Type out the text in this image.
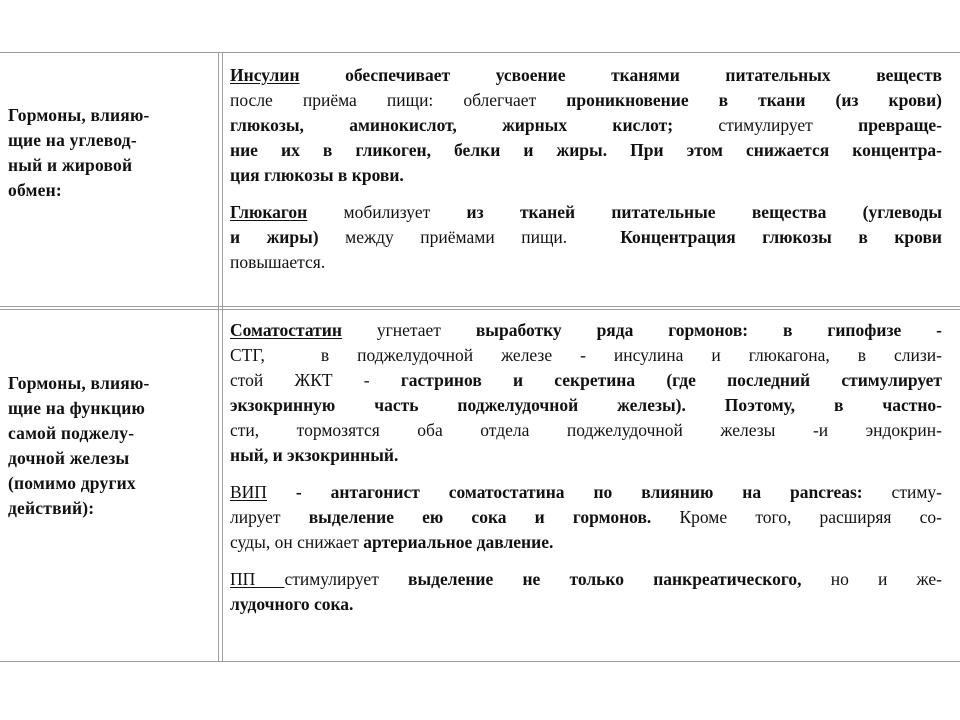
Гормоны, влияю-
щие на углевод-
ный и жировой
обмен:
Инсулин обеспечивает усвоение тканями питательных веществ
после приёма пищи: облегчает проникновение в ткани (из крови)
глюкозы, аминокислот, жирных кислот; стимулирует превраще-
ние их в гликоген, белки и жиры. При этом снижается концентра-
ция глюкозы в крови.
Глюкагон мобилизует из тканей питательные вещества (углеводы
и жиры) между приёмами пищи.  Концентрация глюкозы в крови
повышается.
Гормоны, влияю-
щие на функцию
самой поджелу-
дочной железы
(помимо других
действий):
Соматостатин угнетает выработку ряда гормонов: в гипофизе -
СТГ,  в поджелудочной железе - инсулина и глюкагона, в слизи-
стой ЖКТ - гастринов и секретина (где последний стимулирует
экзокринную часть поджелудочной железы). Поэтому, в частно-
сти, тормозятся оба отдела поджелудочной железы -и эндокрин-
ный, и экзокринный.
ВИП - антагонист соматостатина по влиянию на pancreas: стиму-
лирует выделение ею сока и гормонов. Кроме того, расширяя со-
суды, он снижает артериальное давление.
ПП стимулирует выделение не только панкреатического, но и же-
лудочного сока.
